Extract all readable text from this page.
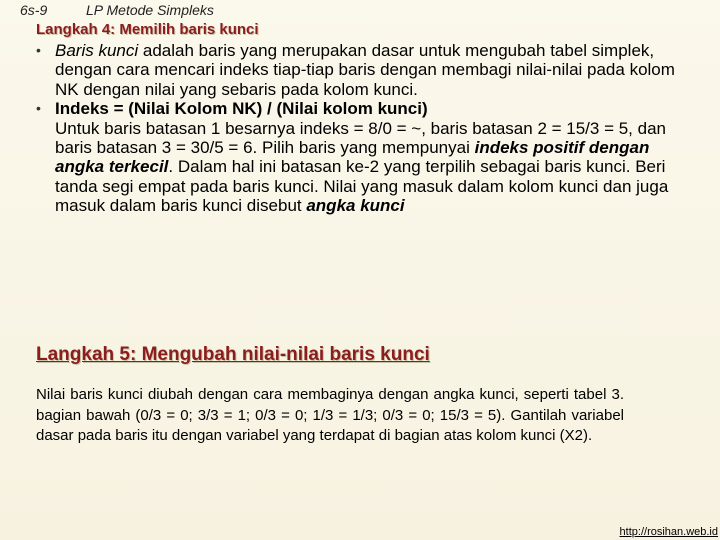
6s-9	LP Metode Simpleks
Langkah 4: Memilih baris kunci
• Baris kunci adalah baris yang merupakan dasar untuk mengubah tabel simplek, dengan cara mencari indeks tiap-tiap baris dengan membagi nilai-nilai pada kolom NK dengan nilai yang sebaris pada kolom kunci.
• Indeks = (Nilai Kolom NK) / (Nilai kolom kunci)
Untuk baris batasan 1 besarnya indeks = 8/0 = ~, baris batasan 2 = 15/3 = 5, dan baris batasan 3 = 30/5 = 6. Pilih baris yang mempunyai indeks positif dengan angka terkecil. Dalam hal ini batasan ke-2 yang terpilih sebagai baris kunci. Beri tanda segi empat pada baris kunci. Nilai yang masuk dalam kolom kunci dan juga masuk dalam baris kunci disebut angka kunci
Langkah 5: Mengubah nilai-nilai baris kunci
Nilai baris kunci diubah dengan cara membaginya dengan angka kunci, seperti tabel 3. bagian bawah (0/3 = 0; 3/3 = 1; 0/3 = 0; 1/3 = 1/3; 0/3 = 0; 15/3 = 5). Gantilah variabel dasar pada baris itu dengan variabel yang terdapat di bagian atas kolom kunci (X2).
http://rosihan.web.id
